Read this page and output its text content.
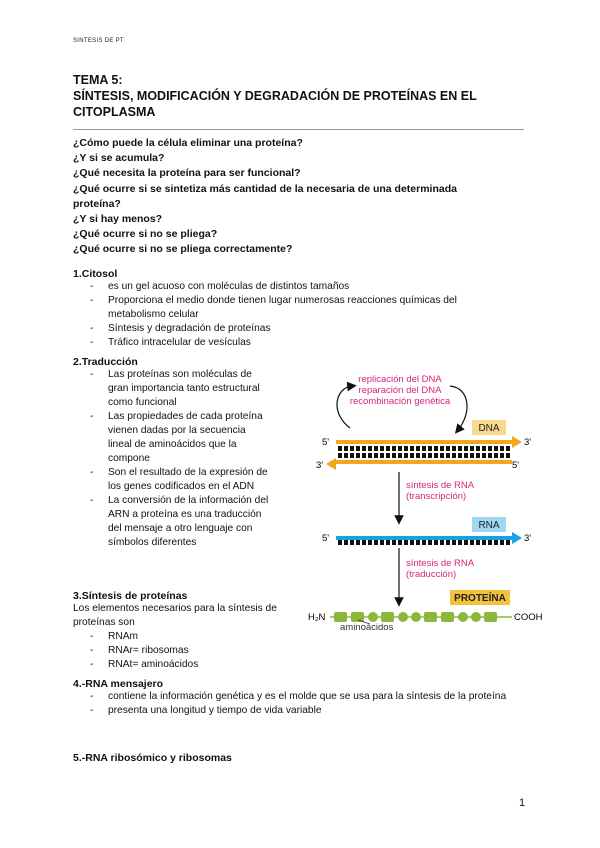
SINTESIS DE PT
TEMA 5:
SÍNTESIS, MODIFICACIÓN Y DEGRADACIÓN DE PROTEÍNAS EN EL CITOPLASMA
¿Cómo puede la célula eliminar una proteína?
¿Y si se acumula?
¿Qué necesita la proteína para ser funcional?
¿Qué ocurre si se sintetiza más cantidad de la necesaria de una determinada proteína?
¿Y si hay menos?
¿Qué ocurre si no se pliega?
¿Qué ocurre si no se pliega correctamente?
1.Citosol
- es un gel acuoso con moléculas de distintos tamaños
- Proporciona el medio donde tienen lugar numerosas reacciones químicas del metabolismo celular
- Síntesis y degradación de proteínas
- Tráfico intracelular de vesículas
2.Traducción
- Las proteínas son moléculas de gran importancia tanto estructural como funcional
- Las propiedades de cada proteína vienen dadas por la secuencia lineal de aminoácidos que la compone
- Son el resultado de la expresión de los genes codificados en el ADN
- La conversión de la información del ARN a proteína es una traducción del mensaje a otro lenguaje con símbolos diferentes
3.Síntesis de proteínas
Los elementos necesarios para la síntesis de proteínas son
- RNAm
- RNAr= ribosomas
- RNAt= aminoácidos
4.-RNA mensajero
- contiene la información genética y es el molde que se usa para la síntesis de la proteína
- presenta una longitud y tiempo de vida variable
5.-RNA ribosómico y ribosomas
replicación del DNA
reparación del DNA
recombinación genética
DNA
5'	3'
3'	5'
síntesis de RNA
(transcripción)
RNA
5'	3'
síntesis de RNA
(traducción)
PROTEÍNA
H₂N	COOH
aminoácidos
1
